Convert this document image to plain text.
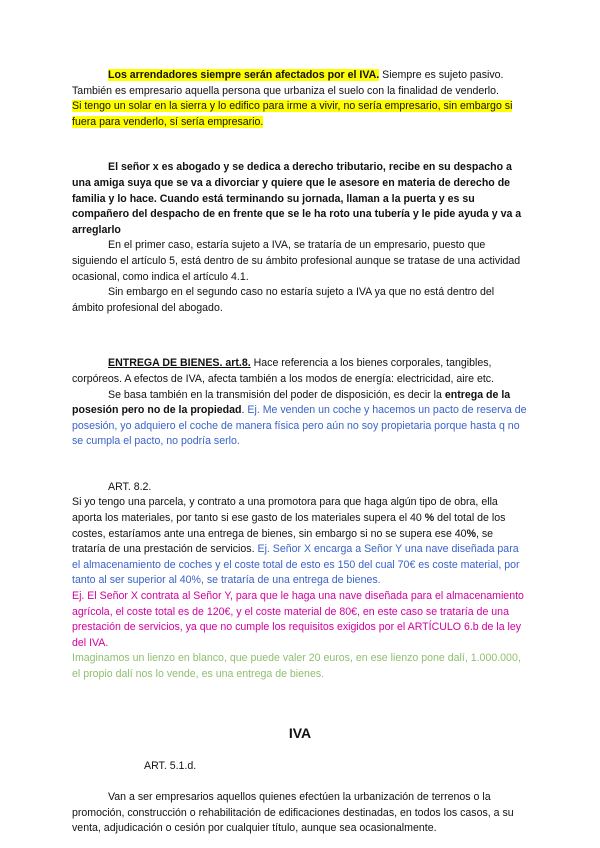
Los arrendadores siempre serán afectados por el IVA. Siempre es sujeto pasivo. También es empresario aquella persona que urbaniza el suelo con la finalidad de venderlo.

Si tengo un solar en la sierra y lo edifico para irme a vivir, no sería empresario, sin embargo si fuera para venderlo, sí sería empresario.

El señor x es abogado y se dedica a derecho tributario, recibe en su despacho a una amiga suya que se va a divorciar y quiere que le asesore en materia de derecho de familia y lo hace. Cuando está terminando su jornada, llaman a la puerta y es su compañero del despacho de en frente que se le ha roto una tubería y le pide ayuda y va a arreglarlo

En el primer caso, estaría sujeto a IVA, se trataría de un empresario, puesto que siguiendo el artículo 5, está dentro de su ámbito profesional aunque se tratase de una actividad ocasional, como indica el artículo 4.1.

Sin embargo en el segundo caso no estaría sujeto a IVA ya que no está dentro del ámbito profesional del abogado.

ENTREGA DE BIENES. art.8. Hace referencia a los bienes corporales, tangibles, corpóreos. A efectos de IVA, afecta también a los modos de energía: electricidad, aire etc.

Se basa también en la transmisión del poder de disposición, es decir la entrega de la posesión pero no de la propiedad. Ej. Me venden un coche y hacemos un pacto de reserva de posesión, yo adquiero el coche de manera física pero aún no soy propietaria porque hasta q no se cumpla el pacto, no podría serlo.

ART. 8.2.

Si yo tengo una parcela, y contrato a una promotora para que haga algún tipo de obra, ella aporta los materiales, por tanto si ese gasto de los materiales supera el 40 % del total de los costes, estaríamos ante una entrega de bienes, sin embargo si no se supera ese 40%, se trataría de una prestación de servicios. Ej. Señor X encarga a Señor Y una nave diseñada para el almacenamiento de coches y el coste total de esto es 150 del cual 70€ es coste material, por tanto al ser superior al 40%, se trataría de una entrega de bienes.

Ej. El Señor X contrata al Señor Y, para que le haga una nave diseñada para el almacenamiento agrícola, el coste total es de 120€, y el coste material de 80€, en este caso se trataría de una prestación de servicios, ya que no cumple los requisitos exigidos por el ARTÍCULO 6.b de la ley del IVA.

Imaginamos un lienzo en blanco, que puede valer 20 euros, en ese lienzo pone dalí, 1.000.000, el propio dalí nos lo vende, es una entrega de bienes.

IVA

ART. 5.1.d.

Van a ser empresarios aquellos quienes efectúen la urbanización de terrenos o la promoción, construcción o rehabilitación de edificaciones destinadas, en todos los casos, a su venta, adjudicación o cesión por cualquier título, aunque sea ocasionalmente.
